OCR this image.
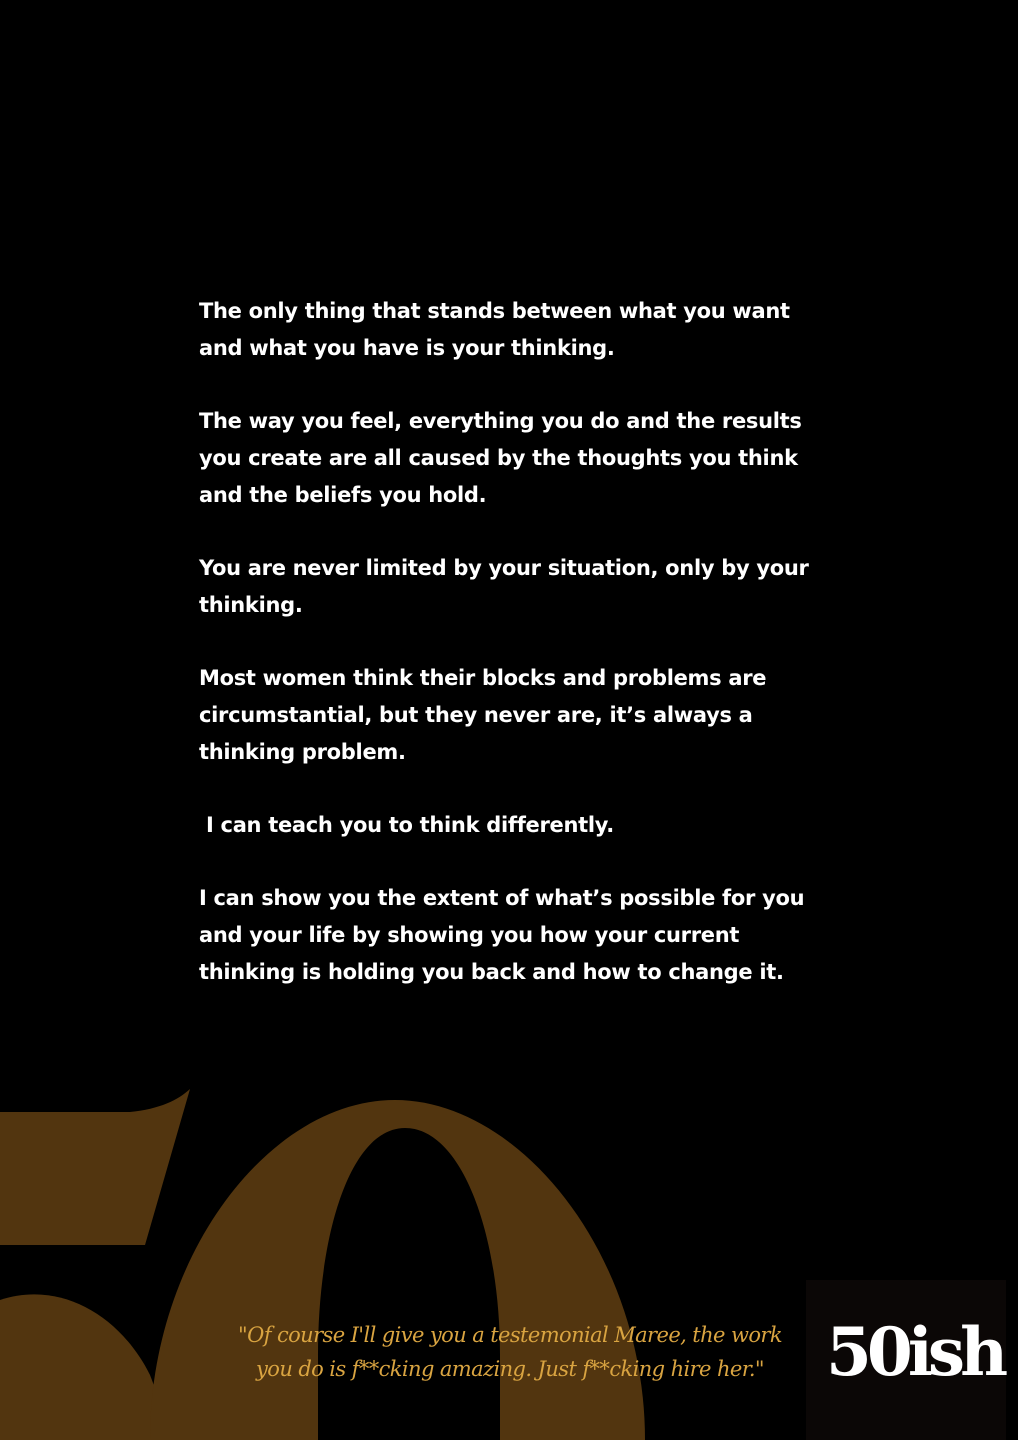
The only thing that stands between what you want and what you have is your thinking.

The way you feel, everything you do and the results you create are all caused by the thoughts you think and the beliefs you hold.

You are never limited by your situation, only by your thinking.

Most women think their blocks and problems are circumstantial, but they never are, it’s always a thinking problem.

I can teach you to think differently.

I can show you the extent of what’s possible for you and your life by showing you how your current thinking is holding you back and how to change it.

"Of course I'll give you a testemonial Maree, the work
you do is f**cking amazing. Just f**cking hire her." 50ish
